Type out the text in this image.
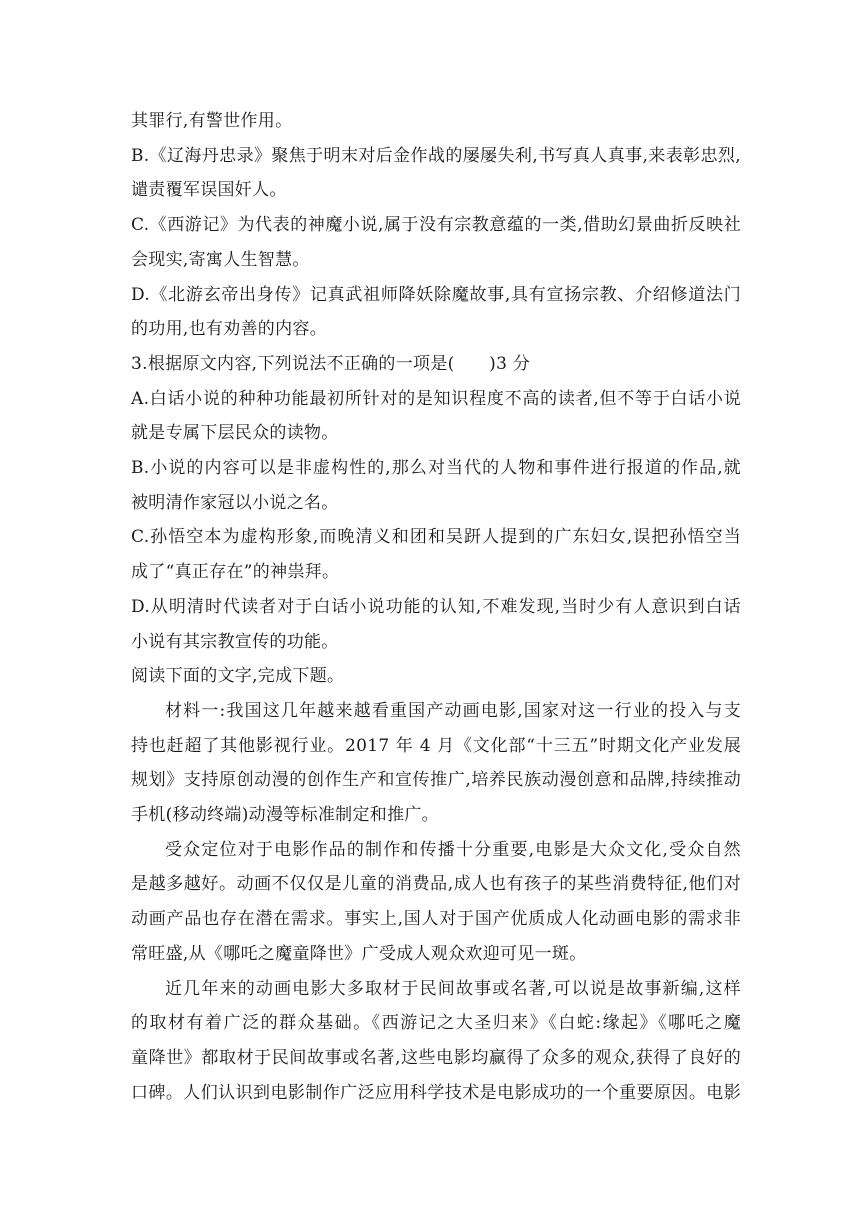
其罪行,有警世作用。
B.《辽海丹忠录》聚焦于明末对后金作战的屡屡失利,书写真人真事,来表彰忠烈,
谴责覆军误国奸人。
C.《西游记》为代表的神魔小说,属于没有宗教意蕴的一类,借助幻景曲折反映社
会现实,寄寓人生智慧。
D.《北游玄帝出身传》记真武祖师降妖除魔故事,具有宣扬宗教、介绍修道法门
的功用,也有劝善的内容。
3.根据原文内容,下列说法不正确的一项是(　　)3 分
A.白话小说的种种功能最初所针对的是知识程度不高的读者,但不等于白话小说
就是专属下层民众的读物。
B.小说的内容可以是非虚构性的,那么对当代的人物和事件进行报道的作品,就
被明清作家冠以小说之名。
C.孙悟空本为虚构形象,而晚清义和团和吴趼人提到的广东妇女,误把孙悟空当
成了“真正存在”的神祟拜。
D.从明清时代读者对于白话小说功能的认知,不难发现,当时少有人意识到白话
小说有其宗教宣传的功能。
阅读下面的文字,完成下题。
材料一:我国这几年越来越看重国产动画电影,国家对这一行业的投入与支
持也赶超了其他影视行业。2017 年 4 月《文化部“十三五”时期文化产业发展
规划》支持原创动漫的创作生产和宣传推广,培养民族动漫创意和品牌,持续推动
手机(移动终端)动漫等标准制定和推广。
受众定位对于电影作品的制作和传播十分重要,电影是大众文化,受众自然
是越多越好。动画不仅仅是儿童的消费品,成人也有孩子的某些消费特征,他们对
动画产品也存在潜在需求。事实上,国人对于国产优质成人化动画电影的需求非
常旺盛,从《哪吒之魔童降世》广受成人观众欢迎可见一斑。
近几年来的动画电影大多取材于民间故事或名著,可以说是故事新编,这样
的取材有着广泛的群众基础。《西游记之大圣归来》《白蛇:缘起》《哪吒之魔
童降世》都取材于民间故事或名著,这些电影均赢得了众多的观众,获得了良好的
口碑。人们认识到电影制作广泛应用科学技术是电影成功的一个重要原因。电影
